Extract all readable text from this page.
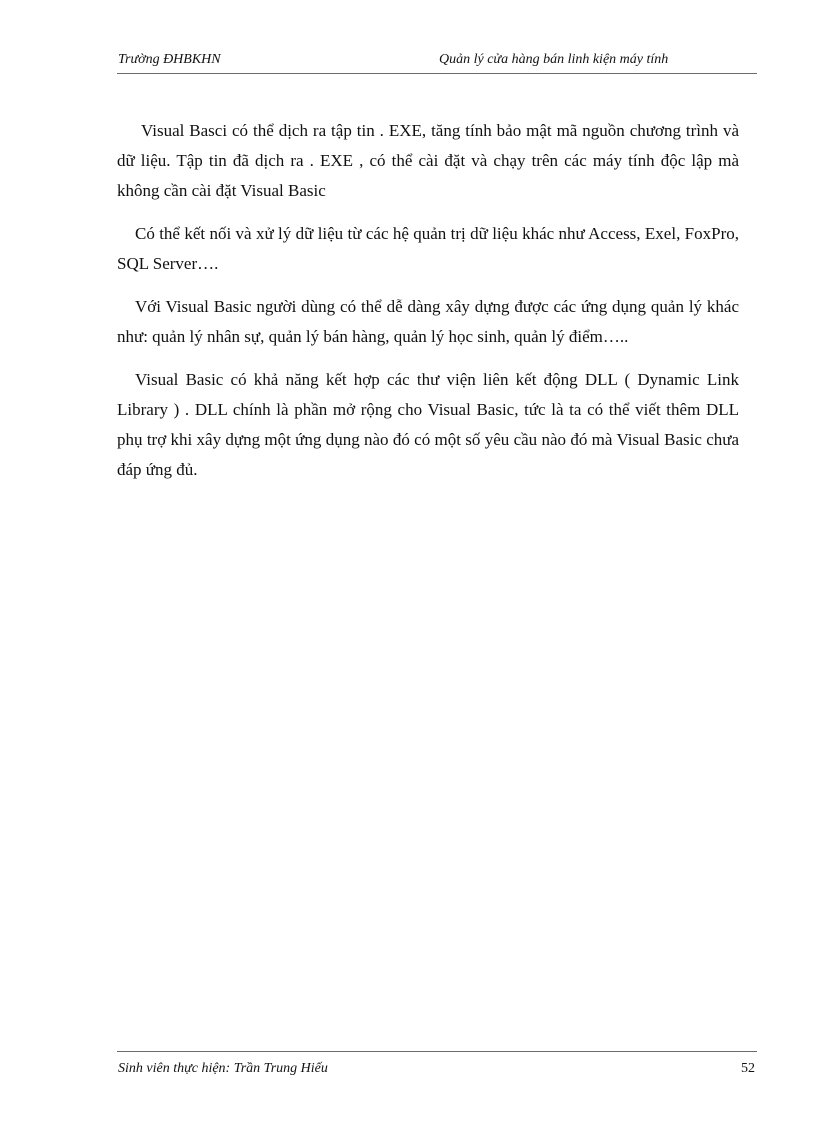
Trường ĐHBKHN	Quản lý cửa hàng bán linh kiện máy tính

Visual Basci có thể dịch ra tập tin . EXE, tăng tính bảo mật mã nguồn chương trình và dữ liệu. Tập tin đã dịch ra . EXE , có thể cài đặt và chạy trên các máy tính độc lập mà không cần cài đặt Visual Basic

Có thể kết nối và xử lý dữ liệu từ các hệ quản trị dữ liệu khác như Access, Exel, FoxPro, SQL Server….

Với Visual Basic người dùng có thể dễ dàng xây dựng được các ứng dụng quản lý khác như: quản lý nhân sự, quản lý bán hàng, quản lý học sinh, quản lý điểm…..

Visual Basic có khả năng kết hợp các thư viện liên kết động DLL ( Dynamic Link Library ) . DLL chính là phần mở rộng cho Visual Basic, tức là ta có thể viết thêm DLL phụ trợ khi xây dựng một ứng dụng nào đó có một số yêu cầu nào đó mà Visual Basic chưa đáp ứng đủ.

Sinh viên thực hiện: Trần Trung Hiếu	52
